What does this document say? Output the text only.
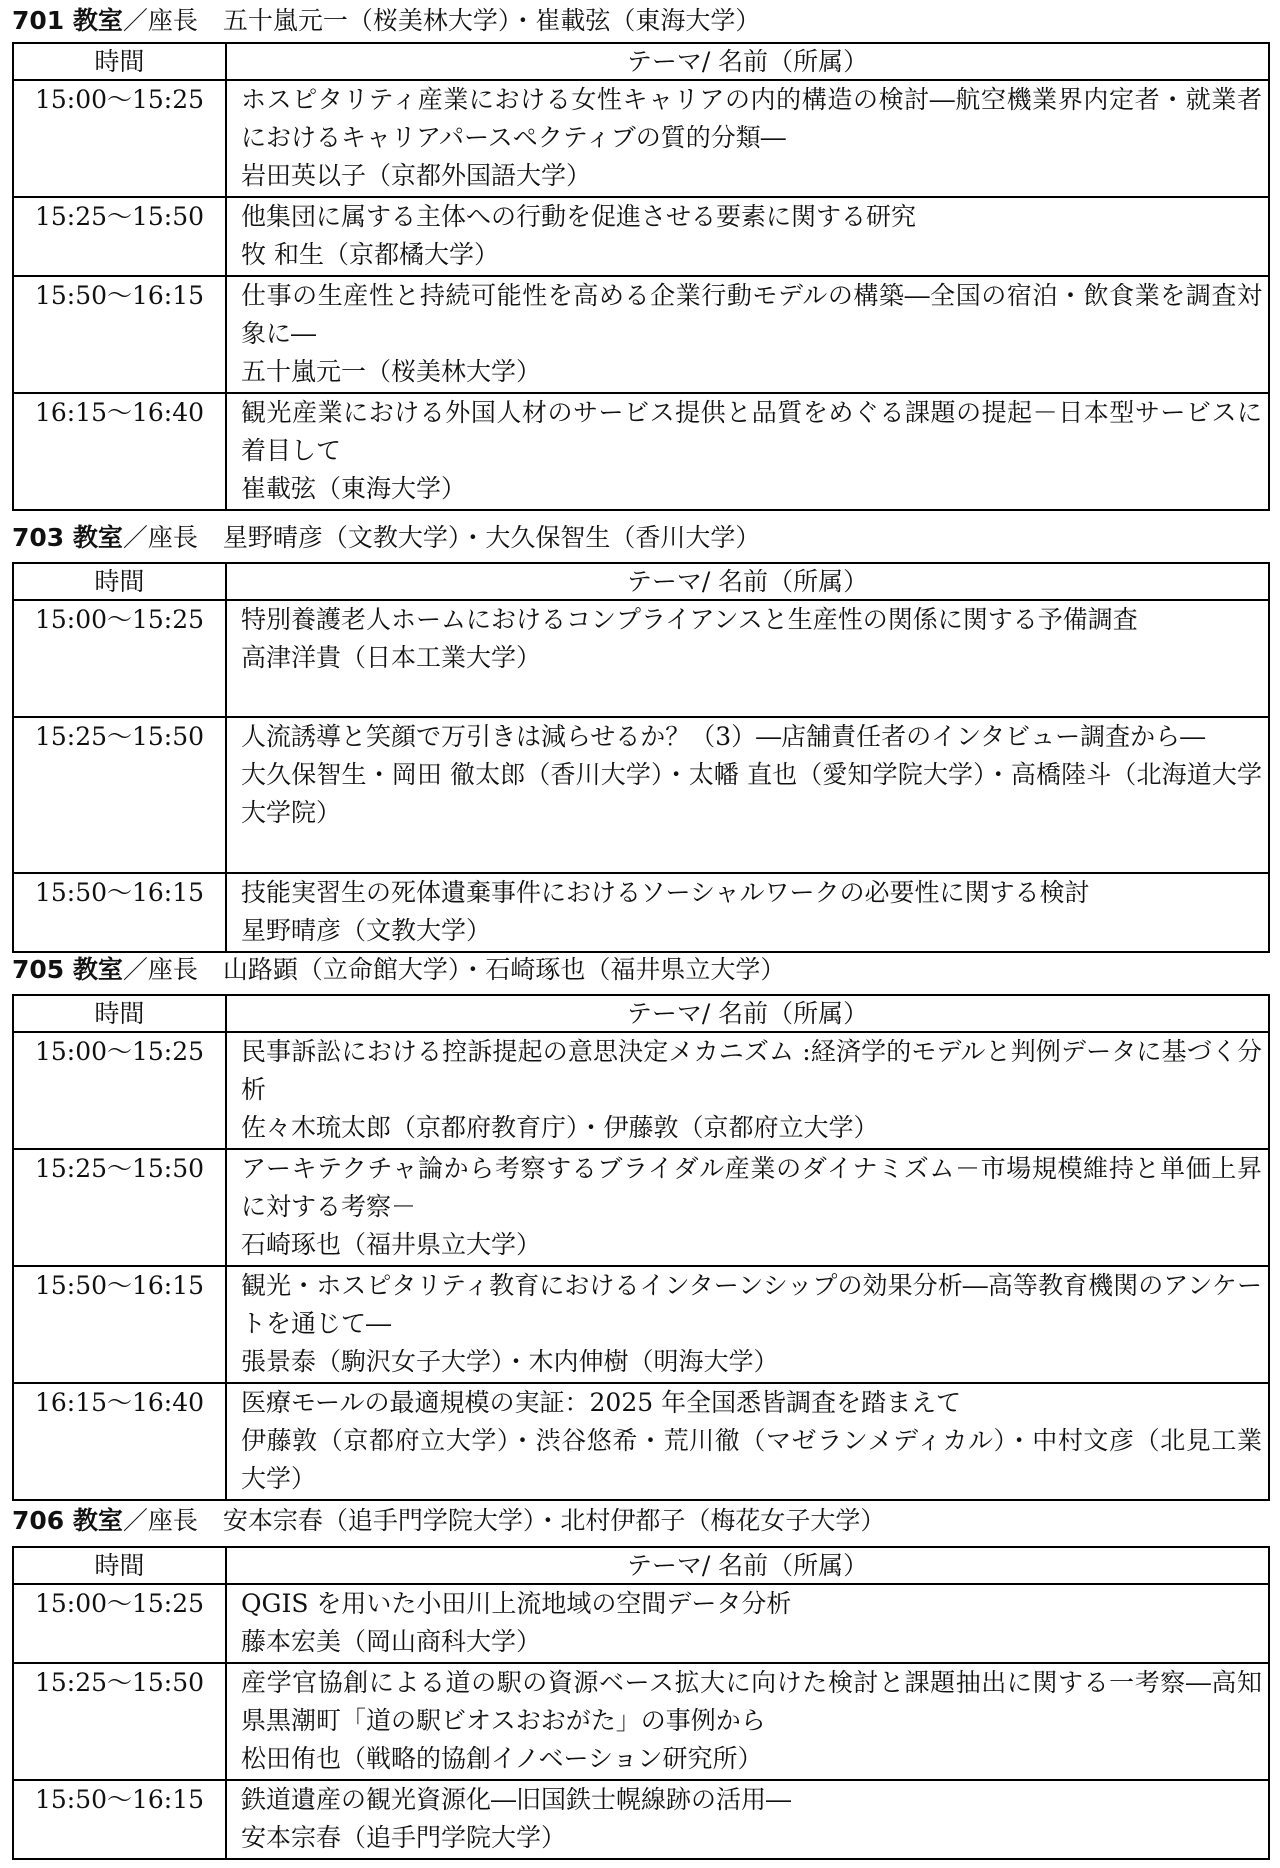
701 教室／座長　 五十嵐元一（桜美林大学）・崔載弦（東海大学）
時間	テーマ/ 名前（所属）
15:00〜15:25	ホスピタリティ産業における女性キャリアの内的構造の検討―航空機業界内定者・就業者におけるキャリアパースペクティブの質的分類―

岩田英以子（京都外国語大学）

15:25〜15:50	他集団に属する主体への行動を促進させる要素に関する研究

牧 和生（京都橘大学）

15:50〜16:15	仕事の生産性と持続可能性を高める企業行動モデルの構築―全国の宿泊・飲食業を調査対象に―

五十嵐元一（桜美林大学）

16:15〜16:40	観光産業における外国人材のサービス提供と品質をめぐる課題の提起－日本型サービスに着目して

崔載弦（東海大学）

703 教室／座長　 星野晴彦（文教大学）・大久保智生（香川大学）
時間	テーマ/ 名前（所属）
15:00〜15:25	特別養護老人ホームにおけるコンプライアンスと生産性の関係に関する予備調査

高津洋貴（日本工業大学）

15:25〜15:50	人流誘導と笑顔で万引きは減らせるか？（3）―店舗責任者のインタビュー調査から―

大久保智生・岡田 徹太郎（香川大学）・太幡 直也（愛知学院大学）・高橋陸斗（北海道大学大学院）

15:50〜16:15	技能実習生の死体遺棄事件におけるソーシャルワークの必要性に関する検討

星野晴彦（文教大学）

705 教室／座長　 山路顕（立命館大学）・石崎琢也（福井県立大学）
時間	テーマ/ 名前（所属）
15:00〜15:25	民事訴訟における控訴提起の意思決定メカニズム :経済学的モデルと判例データに基づく分析

佐々木琉太郎（京都府教育庁）・伊藤敦（京都府立大学）

15:25〜15:50	アーキテクチャ論から考察するブライダル産業のダイナミズム－市場規模維持と単価上昇に対する考察－

石崎琢也（福井県立大学）

15:50〜16:15	観光・ホスピタリティ教育におけるインターンシップの効果分析―高等教育機関のアンケートを通じて―

張景泰（駒沢女子大学）・木内伸樹（明海大学）

16:15〜16:40	医療モールの最適規模の実証：2025 年全国悉皆調査を踏まえて

伊藤敦（京都府立大学）・渋谷悠希・荒川徹（マゼランメディカル）・中村文彦（北見工業大学）

706 教室／座長　 安本宗春（追手門学院大学）・北村伊都子（梅花女子大学）
時間	テーマ/ 名前（所属）
15:00〜15:25	QGIS を用いた小田川上流地域の空間データ分析

藤本宏美（岡山商科大学）

15:25〜15:50	産学官協創による道の駅の資源ベース拡大に向けた検討と課題抽出に関する一考察―高知県黒潮町「道の駅ビオスおおがた」の事例から

松田侑也（戦略的協創イノベーション研究所）

15:50〜16:15	鉄道遺産の観光資源化―旧国鉄士幌線跡の活用―

安本宗春（追手門学院大学）
